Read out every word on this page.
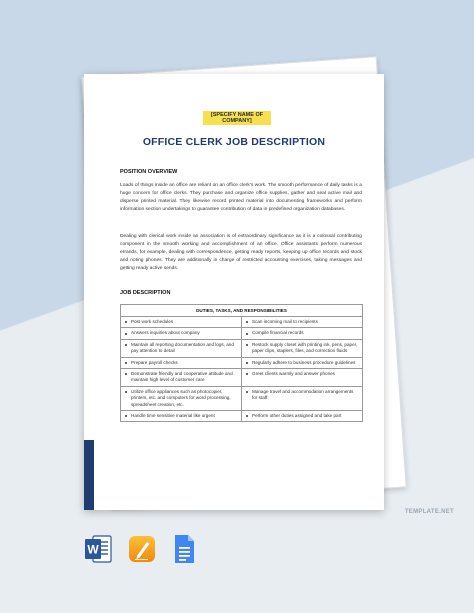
[SPECIFY NAME OF COMPANY]
OFFICE CLERK JOB DESCRIPTION
POSITION OVERVIEW
Loads of things inside an office are reliant on an office clerk’s work. The smooth performance of daily tasks is a huge concern for office clerks. They purchase and organize office supplies, gather and seal active mail and disperse printed material. They likewise record printed material into documenting frameworks and perform information section undertakings to guarantee contribution of data in predefined organization databases.
Dealing with clerical work inside an association is of extraordinary significance as it is a colossal contributing component in the smooth working and accomplishment of an office. Office assistants perform numerous errands, for example, dealing with correspondence, getting ready reports, keeping up office records and stock and noting phones. They are additionally in charge of restricted accounting exercises, taking messages and getting ready active sends.
JOB DESCRIPTION
DUTIES, TASKS, AND RESPONSIBILITIES	

Post work schedules	Scan incoming mail to recipients

Answers inquiries about company	Compile financial records

Maintain all reporting documentation and logs, and pay attention to detail	Restock supply closet with printing ink, pens, paper, paper clips, staplers, files, and correction fluids

Prepare payroll checks	Regularly adhere to business procedure guidelines

Demonstrate friendly and cooperative attitude and maintain high level of customer care	Greet clients warmly and answer phones

Utilize office appliances such as photocopier, printers, etc. and computers for word processing, spreadsheet creation, etc.	Manage travel and accommodation arrangements for staff

Handle time sensitive material like urgent	Perform other duties assigned and take part
TEMPLATE.NET
W
